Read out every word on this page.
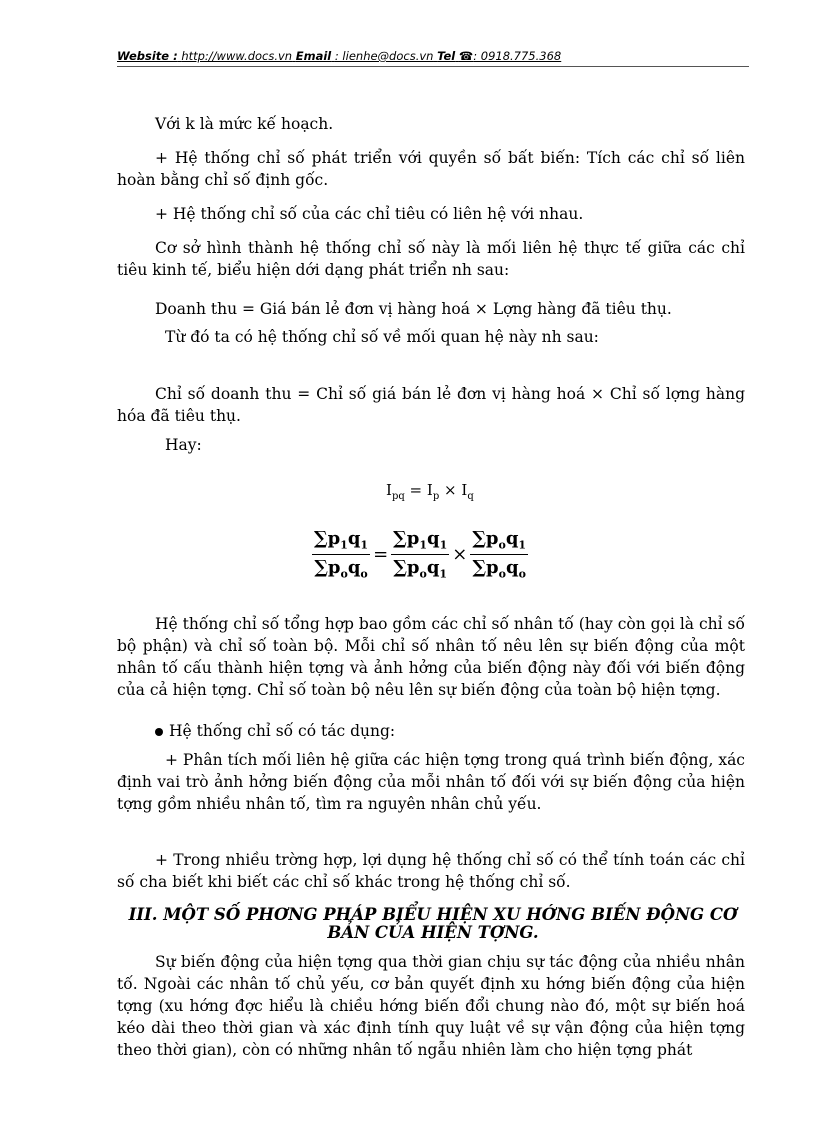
Website : http://www.docs.vn Email : lienhe@docs.vn Tel ☎: 0918.775.368
Với k là mức kế hoạch.
+ Hệ thống chỉ số phát triển với quyền số bất biến: Tích các chỉ số liên hoàn bằng chỉ số định gốc.
+ Hệ thống chỉ số của các chỉ tiêu có liên hệ với nhau.
Cơ sở hình thành hệ thống chỉ số này là mối liên hệ thực tế giữa các chỉ tiêu kinh tế, biểu hiện dới dạng phát triển nh sau:
Doanh thu = Giá bán lẻ đơn vị hàng hoá × Lợng hàng đã tiêu thụ.
Từ đó ta có hệ thống chỉ số về mối quan hệ này nh sau:
Chỉ số doanh thu = Chỉ số giá bán lẻ đơn vị hàng hoá × Chỉ số lợng hàng hóa đã tiêu thụ.
Hay:
$I_{pq} = I_p \times I_q$
$\frac{\sum p_1q_1}{\sum p_oq_o} = \frac{\sum p_1q_1}{\sum p_oq_1} \times \frac{\sum p_oq_1}{\sum p_oq_o}$
Hệ thống chỉ số tổng hợp bao gồm các chỉ số nhân tố (hay còn gọi là chỉ số bộ phận) và chỉ số toàn bộ. Mỗi chỉ số nhân tố nêu lên sự biến động của một nhân tố cấu thành hiện tợng và ảnh hởng của biến động này đối với biến động của cả hiện tợng. Chỉ số toàn bộ nêu lên sự biến động của toàn bộ hiện tợng.
Hệ thống chỉ số có tác dụng:
+ Phân tích mối liên hệ giữa các hiện tợng trong quá trình biến động, xác định vai trò ảnh hởng biến động của mỗi nhân tố đối với sự biến động của hiện tợng gồm nhiều nhân tố, tìm ra nguyên nhân chủ yếu.
+ Trong nhiều trờng hợp, lợi dụng hệ thống chỉ số có thể tính toán các chỉ số cha biết khi biết các chỉ số khác trong hệ thống chỉ số.
III. MỘT SỐ PHƠNG PHÁP BIỂU HIỆN XU HỚNG BIẾN ĐỘNG CƠ BẢN CỦA HIỆN TỢNG.
Sự biến động của hiện tợng qua thời gian chịu sự tác động của nhiều nhân tố. Ngoài các nhân tố chủ yếu, cơ bản quyết định xu hớng biến động của hiện tợng (xu hớng đợc hiểu là chiều hớng biến đổi chung nào đó, một sự biến hoá kéo dài theo thời gian và xác định tính quy luật về sự vận động của hiện tợng theo thời gian), còn có những nhân tố ngẫu nhiên làm cho hiện tợng phát
